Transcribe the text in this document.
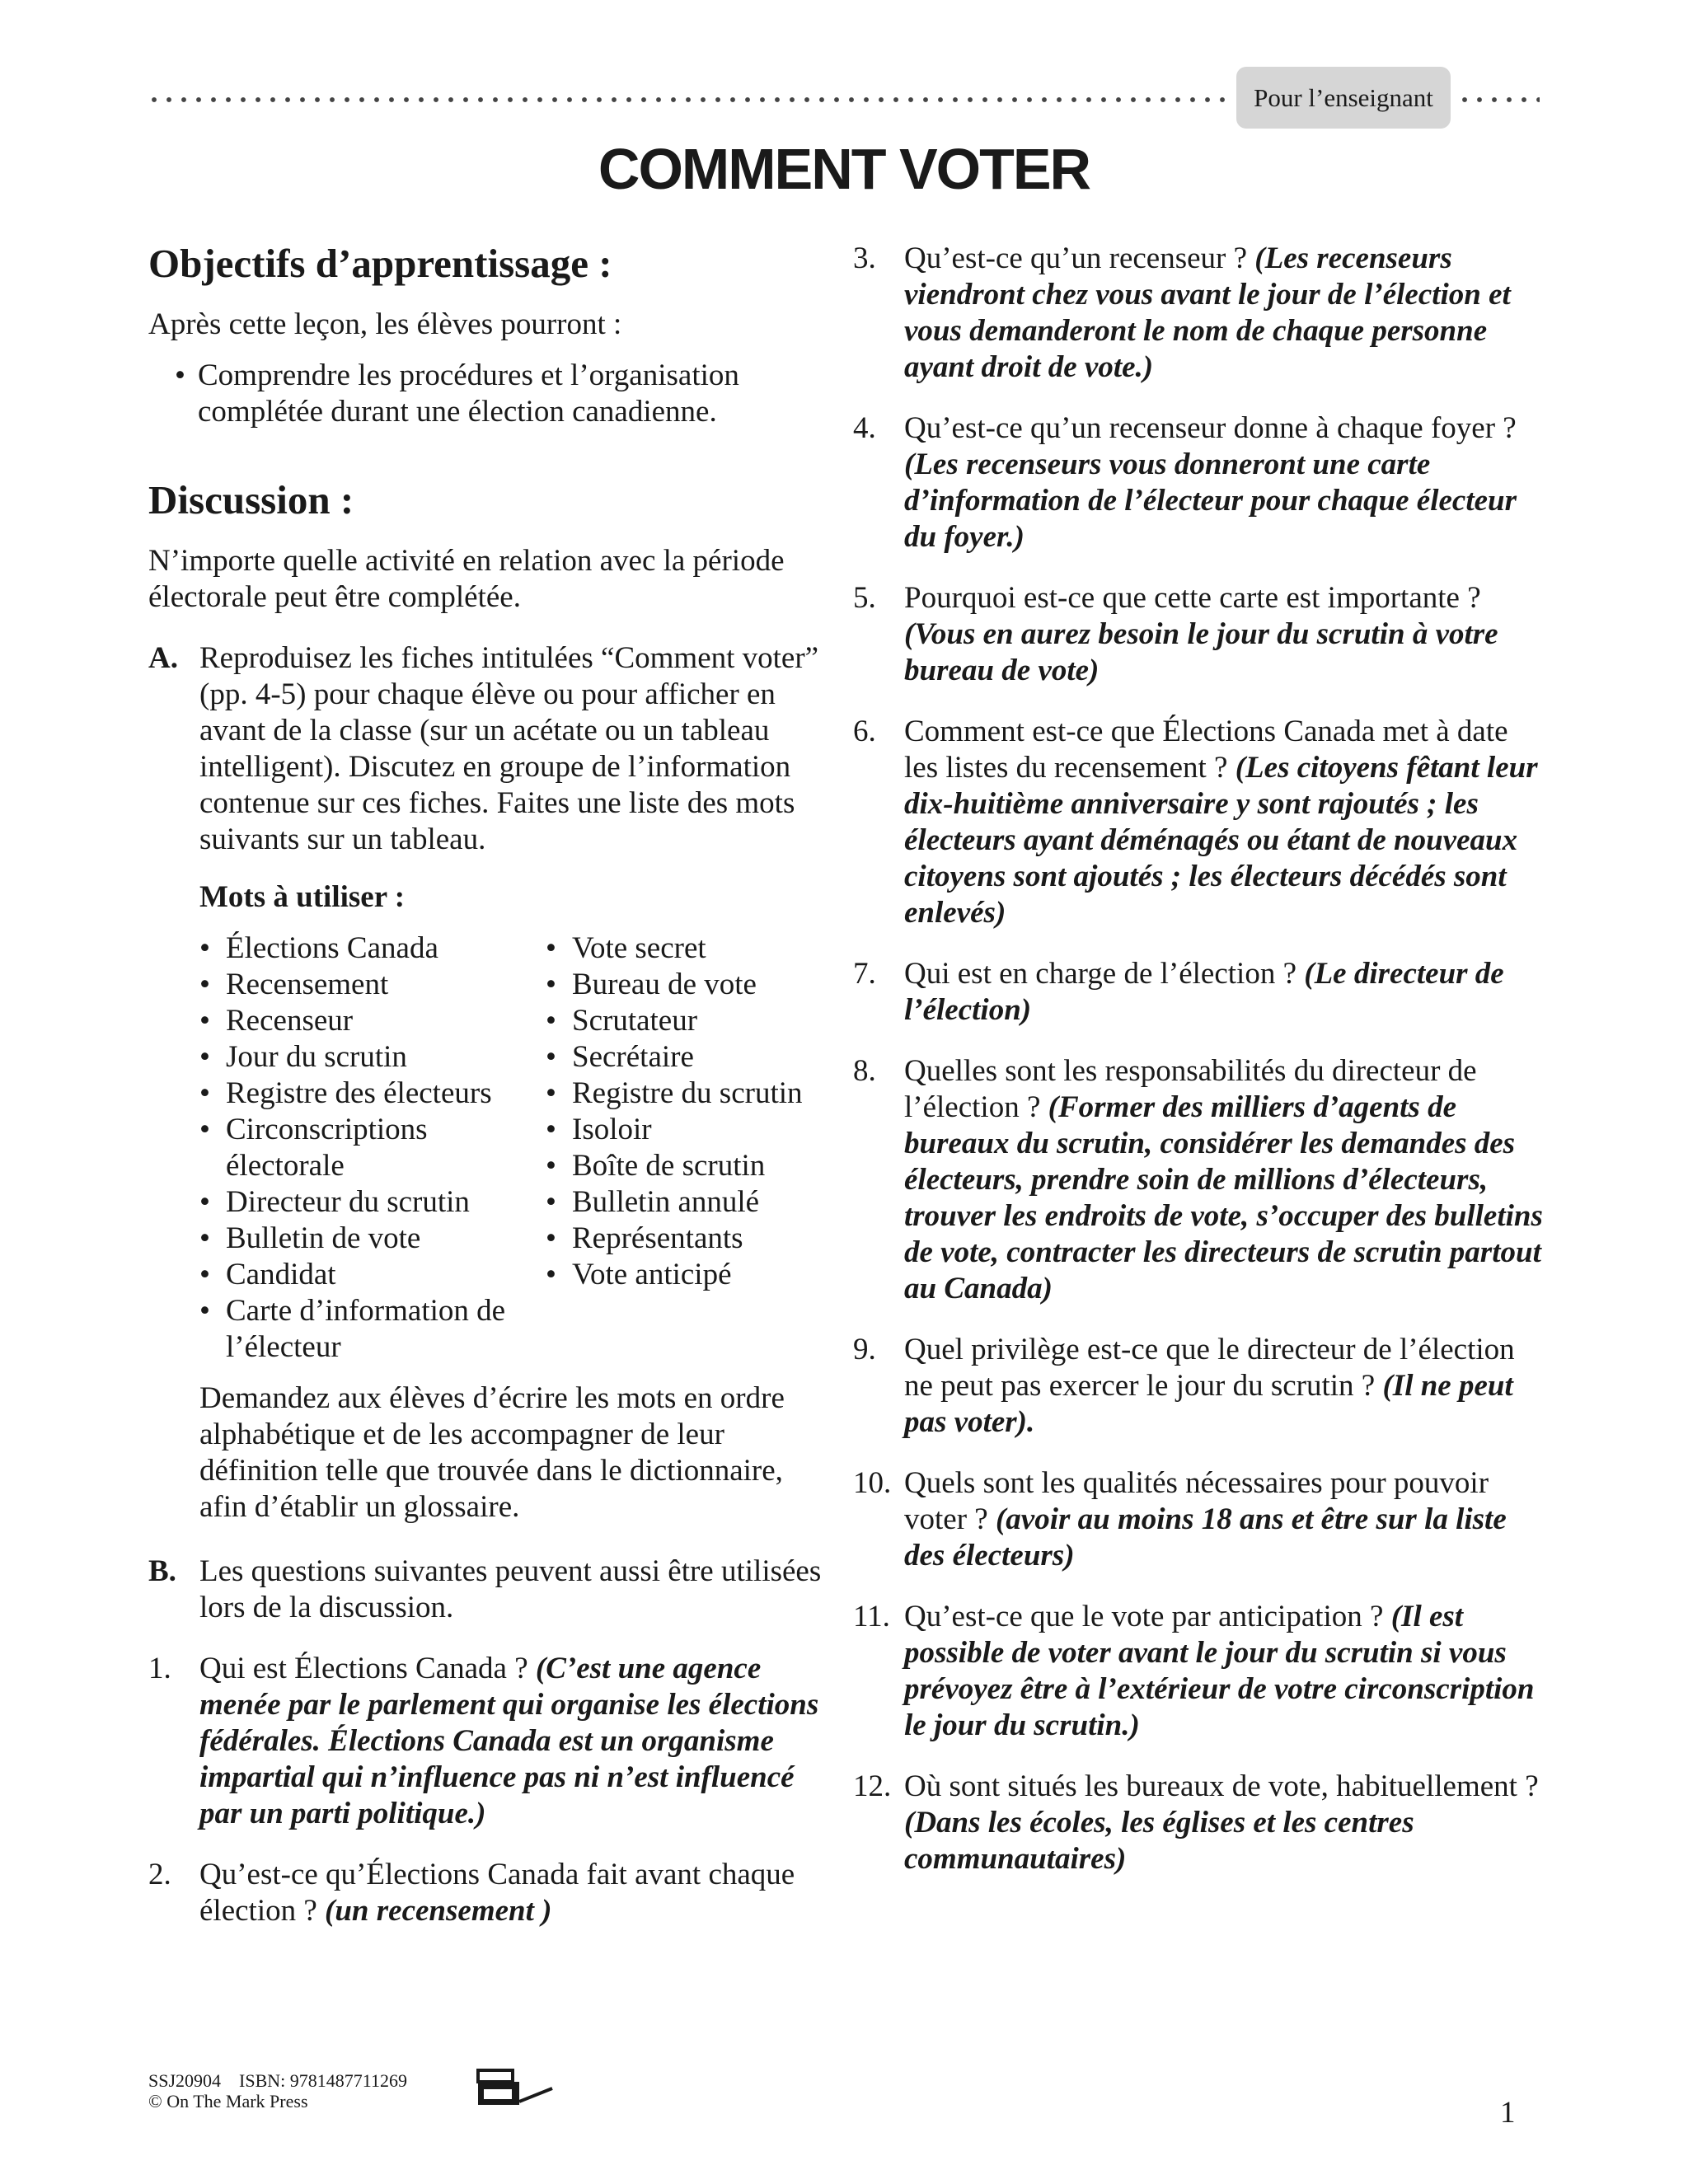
Pour l’enseignant
COMMENT VOTER
Objectifs d’apprentissage :

Après cette leçon, les élèves pourront :

• Comprendre les procédures et l’organisation complétée durant une élection canadienne.

Discussion :

N’importe quelle activité en relation avec la période électorale peut être complétée.

A. Reproduisez les fiches intitulées “Comment voter” (pp. 4-5) pour chaque élève ou pour afficher en avant de la classe (sur un acétate ou un tableau intelligent). Discutez en groupe de l’information contenue sur ces fiches. Faites une liste des mots suivants sur un tableau.

Mots à utiliser :

• Élections Canada
• Recensement
• Recenseur
• Jour du scrutin
• Registre des électeurs
• Circonscriptions électorale
• Directeur du scrutin
• Bulletin de vote
• Candidat
• Carte d’information de l’électeur
• Vote secret
• Bureau de vote
• Scrutateur
• Secrétaire
• Registre du scrutin
• Isoloir
• Boîte de scrutin
• Bulletin annulé
• Représentants
• Vote anticipé

Demandez aux élèves d’écrire les mots en ordre alphabétique et de les accompagner de leur définition telle que trouvée dans le dictionnaire, afin d’établir un glossaire.

B. Les questions suivantes peuvent aussi être utilisées lors de la discussion.
1. Qui est Élections Canada ? (C’est une agence menée par le parlement qui organise les élections fédérales. Élections Canada est un organisme impartial qui n’influence pas ni n’est influencé par un parti politique.)
2. Qu’est-ce qu’Élections Canada fait avant chaque élection ? (un recensement )
3. Qu’est-ce qu’un recenseur ? (Les recenseurs viendront chez vous avant le jour de l’élection et vous demanderont le nom de chaque personne ayant droit de vote.)
4. Qu’est-ce qu’un recenseur donne à chaque foyer ? (Les recenseurs vous donneront une carte d’information de l’électeur pour chaque électeur du foyer.)
5. Pourquoi est-ce que cette carte est importante ? (Vous en aurez besoin le jour du scrutin à votre bureau de vote)
6. Comment est-ce que Élections Canada met à date les listes du recensement ? (Les citoyens fêtant leur dix-huitième anniversaire y sont rajoutés ; les électeurs ayant déménagés ou étant de nouveaux citoyens sont ajoutés ; les électeurs décédés sont enlevés)
7. Qui est en charge de l’élection ? (Le directeur de l’élection)
8. Quelles sont les responsabilités du directeur de l’élection ? (Former des milliers d’agents de bureaux du scrutin, considérer les demandes des électeurs, prendre soin de millions d’électeurs, trouver les endroits de vote, s’occuper des bulletins de vote, contracter les directeurs de scrutin partout au Canada)
9. Quel privilège est-ce que le directeur de l’élection ne peut pas exercer le jour du scrutin ? (Il ne peut pas voter).
10. Quels sont les qualités nécessaires pour pouvoir voter ? (avoir au moins 18 ans et être sur la liste des électeurs)
11. Qu’est-ce que le vote par anticipation ? (Il est possible de voter avant le jour du scrutin si vous prévoyez être à l’extérieur de votre circonscription le jour du scrutin.)
12. Où sont situés les bureaux de vote, habituellement ? (Dans les écoles, les églises et les centres communautaires)
SSJ20904    ISBN: 9781487711269
© On The Mark Press	1
